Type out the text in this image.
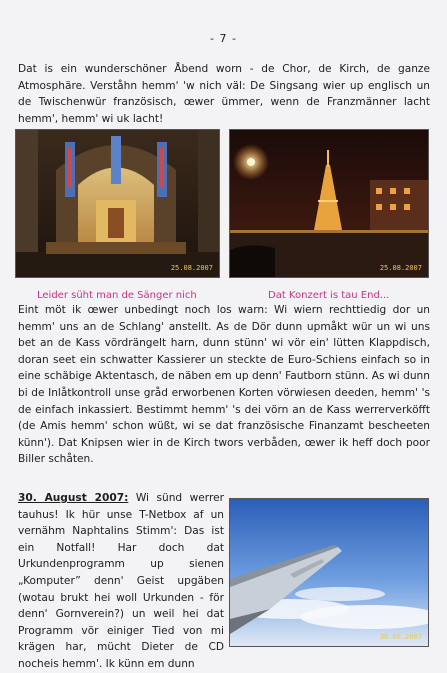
- 7 -

Dat is ein wunderschöner Åbend worn - de Chor, de Kirch, de ganze Atmosphäre. Verståhn hemm' 'w nich väl: De Singsang wier up englisch un de Twischenwür französisch, œwer ümmer, wenn de Franzmänner lacht hemm', hemm' wi uk lacht!

25.08.2007	25.08.2007
Leider süht man de Sänger nich	Dat Konzert is tau End...

Eint möt ik œwer unbedingt noch los warn: Wi wiern rechttiedig dor un hemm' uns an de Schlang' anstellt. As de Dör dunn upmåkt wür un wi uns bet an de Kass vördrängelt harn, dunn stünn' wi vör ein' lütten Klappdisch, doran seet ein schwatter Kassierer un steckte de Euro-Schiens einfach so in eine schäbige Aktentasch, de näben em up denn' Fautborn stünn. As wi dunn bi de Inlåtkontroll unse gråd erworbenen Korten vörwiesen deeden, hemm' 's de einfach inkassiert. Bestimmt hemm' 's dei vörn an de Kass werrerverköfft (de Amis hemm' schon wüßt, wi se dat französische Finanzamt bescheeten künn'). Dat Knipsen wier in de Kirch twors verbåden, œwer ik heff doch poor Biller schåten.

30. August 2007: Wi sünd werrer tauhus! Ik hür unse T-Netbox af un vernähm Naphtalins Stimm': Das ist ein Notfall! Har doch dat Urkundenprogramm up sienen „Komputer” denn' Geist upgäben (wotau brukt hei woll Urkunden - för denn' Gornverein?) un weil hei dat Programm vör einiger Tied von mi krägen har, mücht Dieter de CD nocheis hemm'. Ik künn em dunn

30.08.2007
